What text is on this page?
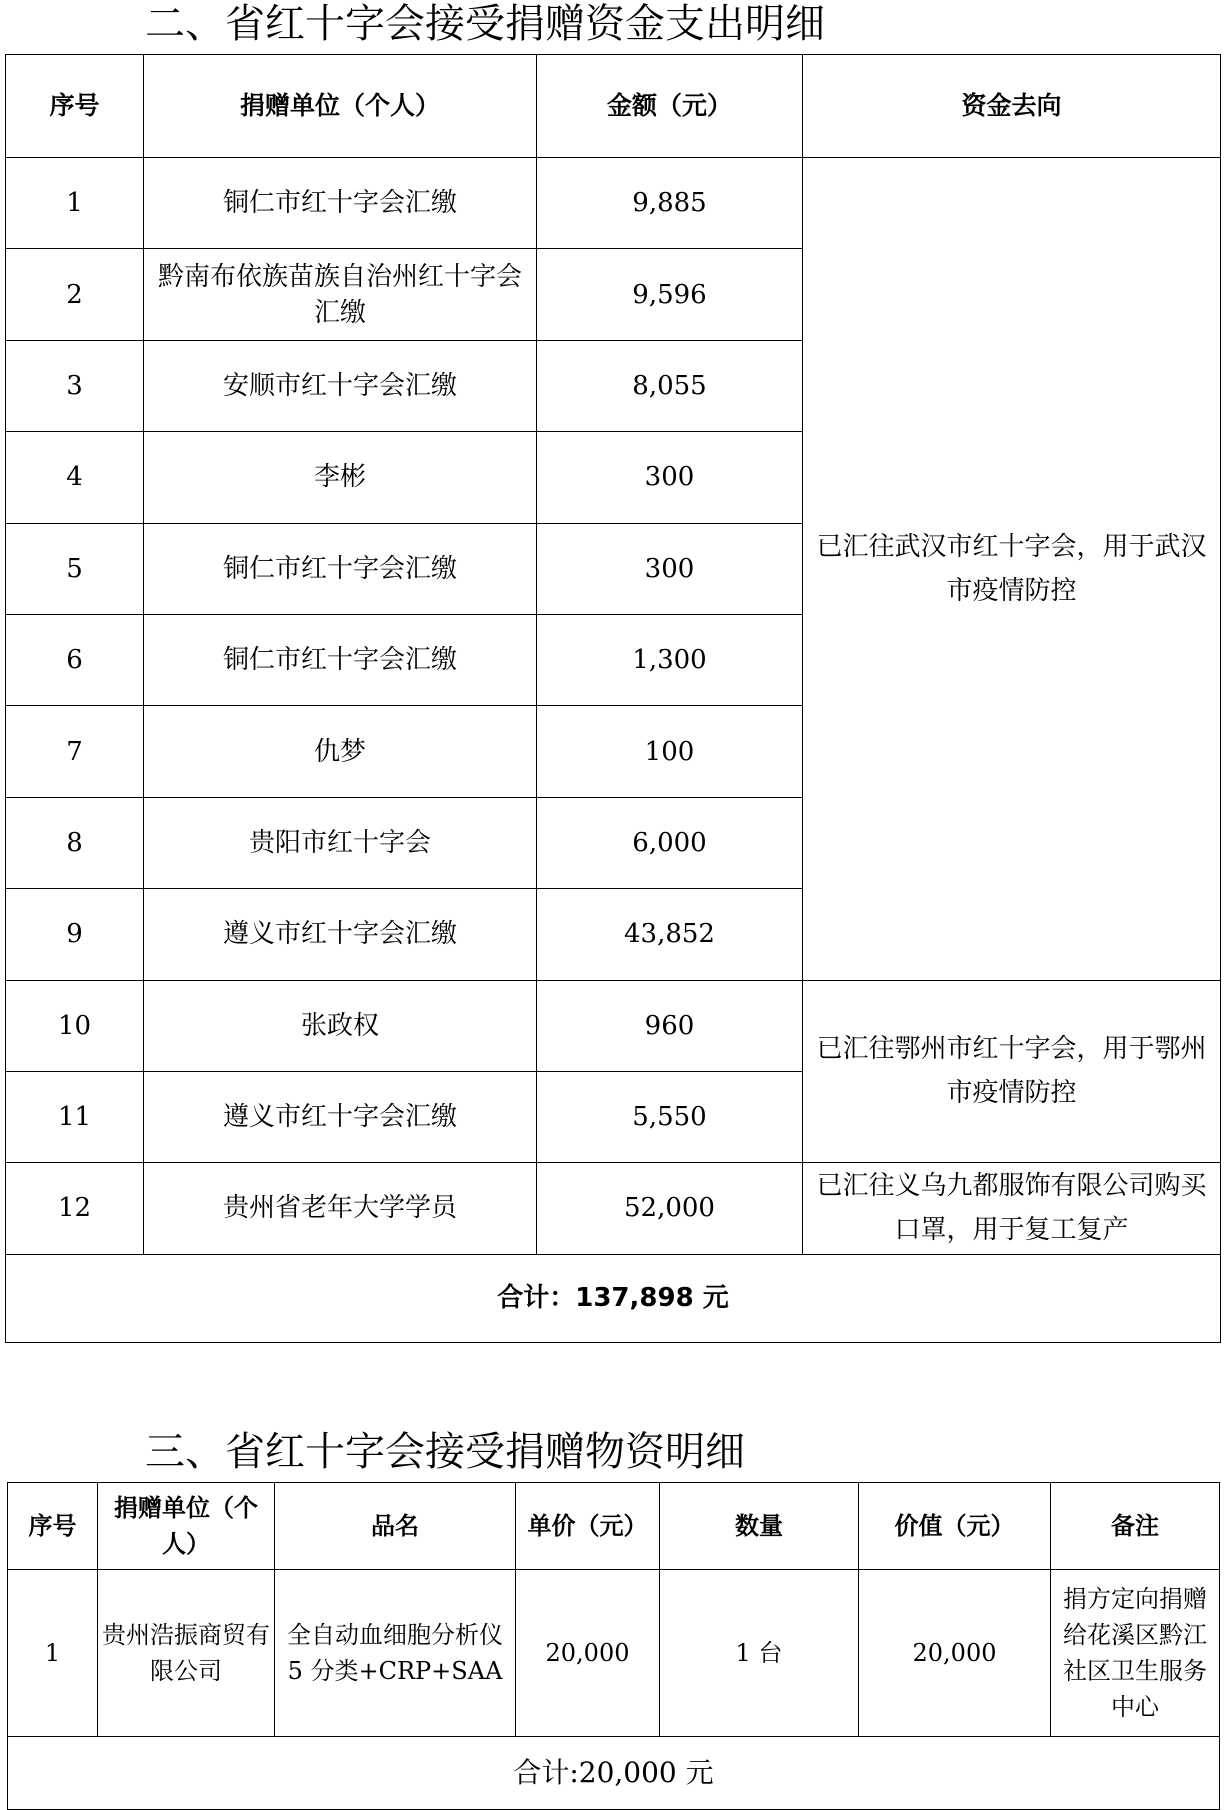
二、省红十字会接受捐赠资金支出明细
序号	捐赠单位（个人）	金额（元）	资金去向
1	铜仁市红十字会汇缴	9,885	已汇往武汉市红十字会，用于武汉市疫情防控
2	黔南布依族苗族自治州红十字会汇缴	9,596	
3	安顺市红十字会汇缴	8,055	
4	李彬	300	
5	铜仁市红十字会汇缴	300	
6	铜仁市红十字会汇缴	1,300	
7	仇梦	100	
8	贵阳市红十字会	6,000	
9	遵义市红十字会汇缴	43,852	
10	张政权	960	已汇往鄂州市红十字会，用于鄂州市疫情防控
11	遵义市红十字会汇缴	5,550	
12	贵州省老年大学学员	52,000	已汇往义乌九都服饰有限公司购买口罩，用于复工复产
合计：137,898 元			
三、省红十字会接受捐赠物资明细
序号	捐赠单位（个人）	品名	单价（元）	数量	价值（元）	备注
1	贵州浩振商贸有限公司	全自动血细胞分析仪 5 分类+CRP+SAA	20,000	1 台	20,000	捐方定向捐赠给花溪区黔江社区卫生服务中心
合计:20,000 元						
